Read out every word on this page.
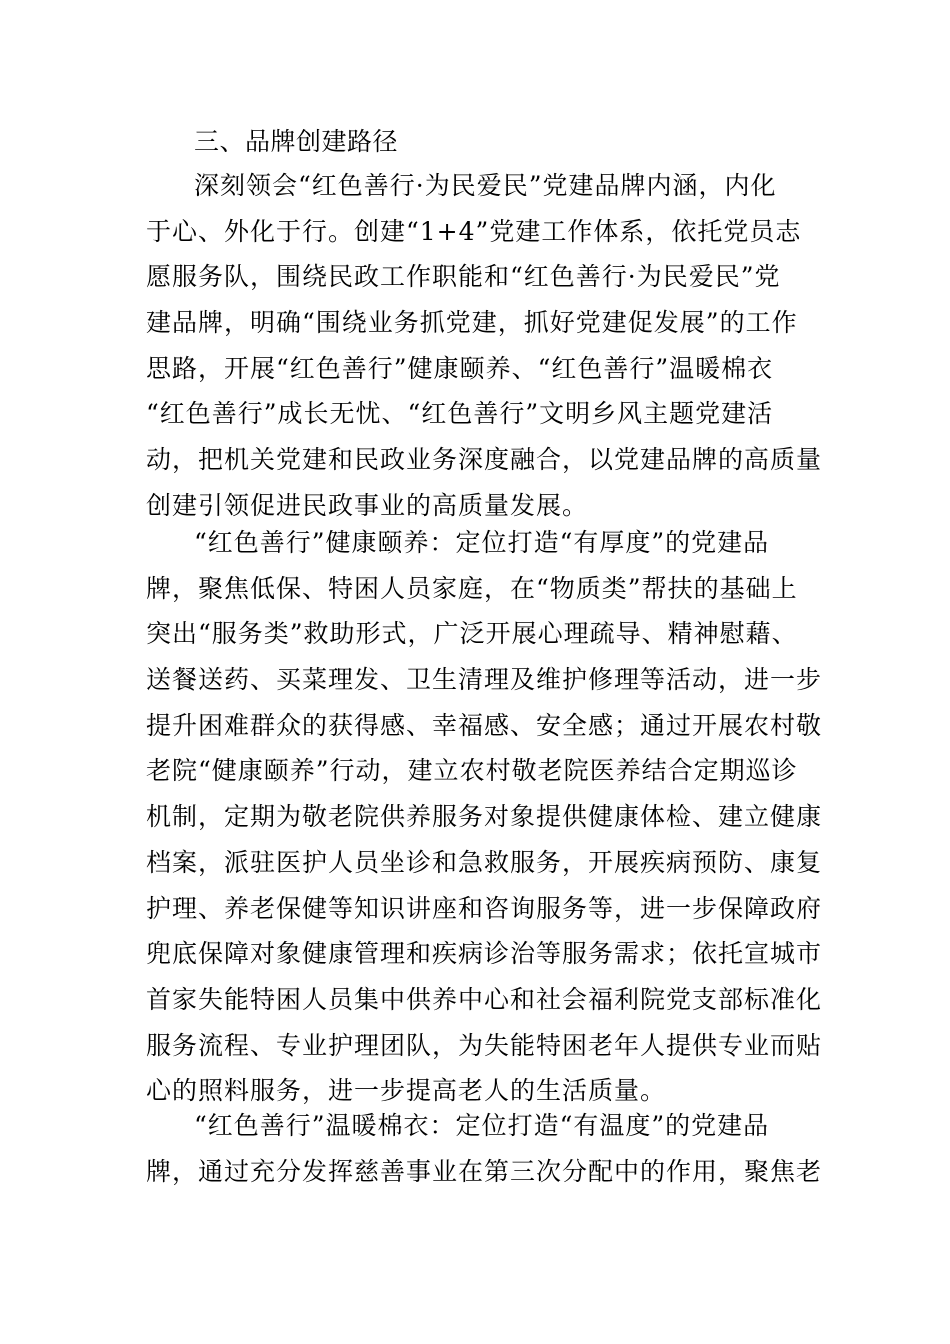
三、品牌创建路径
深刻领会“红色善行·为民爱民”党建品牌内涵，内化
于心、外化于行。创建“1+4”党建工作体系，依托党员志
愿服务队，围绕民政工作职能和“红色善行·为民爱民”党
建品牌，明确“围绕业务抓党建，抓好党建促发展”的工作
思路，开展“红色善行”健康颐养、“红色善行”温暖棉衣
“红色善行”成长无忧、“红色善行”文明乡风主题党建活
动，把机关党建和民政业务深度融合，以党建品牌的高质量
创建引领促进民政事业的高质量发展。
“红色善行”健康颐养：定位打造“有厚度”的党建品
牌，聚焦低保、特困人员家庭，在“物质类”帮扶的基础上
突出“服务类”救助形式，广泛开展心理疏导、精神慰藉、
送餐送药、买菜理发、卫生清理及维护修理等活动，进一步
提升困难群众的获得感、幸福感、安全感；通过开展农村敬
老院“健康颐养”行动，建立农村敬老院医养结合定期巡诊
机制，定期为敬老院供养服务对象提供健康体检、建立健康
档案，派驻医护人员坐诊和急救服务，开展疾病预防、康复
护理、养老保健等知识讲座和咨询服务等，进一步保障政府
兜底保障对象健康管理和疾病诊治等服务需求；依托宣城市
首家失能特困人员集中供养中心和社会福利院党支部标准化
服务流程、专业护理团队，为失能特困老年人提供专业而贴
心的照料服务，进一步提高老人的生活质量。
“红色善行”温暖棉衣：定位打造“有温度”的党建品
牌，通过充分发挥慈善事业在第三次分配中的作用，聚焦老
